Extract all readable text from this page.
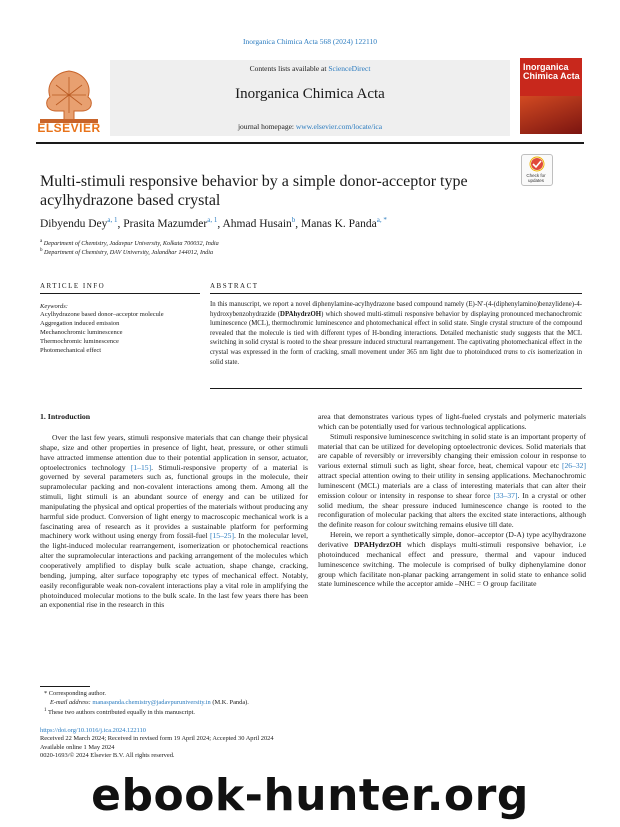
Inorganica Chimica Acta 568 (2024) 122110
ELSEVIER
Contents lists available at ScienceDirect
Inorganica Chimica Acta
journal homepage: www.elsevier.com/locate/ica
Inorganica
Chimica Acta
Check for
updates
Multi-stimuli responsive behavior by a simple donor-acceptor type
acylhydrazone based crystal
Dibyendu Dey$^{a, 1}$, Prasita Mazumder$^{a, 1}$, Ahmad Husain$^b$, Manas K. Panda$^{a, *}$
$^a$ Department of Chemistry, Jadavpur University, Kolkata 700032, India
$^b$ Department of Chemistry, DAV University, Jalandhar 144012, India
ARTICLE INFO
Keywords:
Acylhydrazone based donor–acceptor molecule
Aggregation induced emission
Mechanochromic luminescence
Thermochromic luminescence
Photomechanical effect
ABSTRACT
In this manuscript, we report a novel diphenylamine-acylhydrazone based compound namely (E)-N′-(4-(diphenylamino)benzylidene)-4-hydroxybenzohydrazide (DPAhydrzOH) which showed multi-stimuli responsive behavior by displaying pronounced mechanochromic luminescence (MCL), thermochromic luminescence and photomechanical effect in solid state. Single crystal structure of the compound revealed that the molecule is tied with different types of H-bonding interactions. Detailed mechanistic study suggests that the MCL switching in solid crystal is rooted to the shear pressure induced structural rearrangement. The captivating photomechanical effect in the crystal was expressed in the form of cracking, small movement under 365 nm light due to photoinduced trans to cis isomerization in solid state.
1. Introduction

Over the last few years, stimuli responsive materials that can change their physical shape, size and other properties in presence of light, heat, pressure, or other stimuli have attracted immense attention due to their potential application in sensor, actuator, optoelectronics technology [1–15]. Stimuli-responsive property of a material is governed by several parameters such as, functional groups in the molecule, their supramolecular packing and non-covalent interactions among them. Among all the stimuli, light stimuli is an abundant source of energy and can be utilized for manipulating the physical and optical properties of the materials without producing any harmful side product. Conversion of light energy to macroscopic mechanical work is a fascinating area of research as it provides a sustainable platform for performing machinery work without using energy from fossil-fuel [15–25]. In the molecular level, the light-induced molecular rearrangement, isomerization or photochemical reactions alter the supramolecular interactions and packing arrangement of the molecules which cooperatively amplified to display bulk scale actuation, shape change, cracking, bending, jumping, alter surface topography etc types of mechanical effect. Notably, easily reconfigurable weak non-covalent interactions play a vital role in amplifying the photoinduced molecular motions to the bulk scale. In the last few years there has been an exponential rise in the research in this

area that demonstrates various types of light-fueled crystals and polymeric materials which can be potentially used for various technological applications.

Stimuli responsive luminescence switching in solid state is an important property of material that can be utilized for developing optoelectronic devices. Solid materials that are capable of reversibly or irreversibly changing their emission colour in response to various external stimuli such as light, shear force, heat, chemical vapour etc [26–32] attract special attention owing to their utility in sensing applications. Mechanochromic luminescent (MCL) materials are a class of interesting materials that can alter their emission colour or intensity in response to shear force [33–37]. In a crystal or other solid medium, the shear pressure induced luminescence change is rooted to the reconfiguration of molecular packing that alters the excited state interactions, although the definite reason for colour switching remains elusive till date.

Herein, we report a synthetically simple, donor–acceptor (D-A) type acylhydrazone derivative DPAHydrzOH which displays multi-stimuli responsive behavior, i.e photoinduced mechanical effect and pressure, thermal and vapour induced luminescence switching. The molecule is comprised of bulky diphenylamine donor group which facilitate non-planar packing arrangement in solid state to enhance solid state luminescence while the acceptor amide –NHC = O group facilitate

* Corresponding author.
E-mail address: manaspanda.chemistry@jadavpuruniversity.in (M.K. Panda).
$^1$ These two authors contributed equally in this manuscript.
https://doi.org/10.1016/j.ica.2024.122110
Received 22 March 2024; Received in revised form 19 April 2024; Accepted 30 April 2024
Available online 1 May 2024
0020-1693/© 2024 Elsevier B.V. All rights reserved.
ebook-hunter.org
